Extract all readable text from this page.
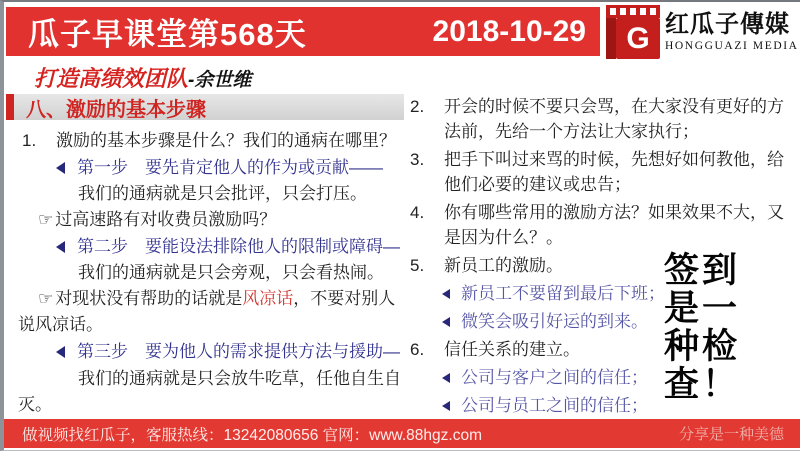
瓜子早课堂第568天	2018-10-29	G 红瓜子傳媒
HONGGUAZI MEDIA
打造高绩效团队-余世维
八、激励的基本步骤
1.	激励的基本步骤是什么？我们的通病在哪里？
第一步　要先肯定他人的作为或贡献——
我们的通病就是只会批评，只会打压。
☞ 过高速路有对收费员激励吗？
第二步　要能设法排除他人的限制或障碍—
我们的通病就是只会旁观，只会看热闹。
☞ 对现状没有帮助的话就是风凉话，不要对别人说风凉话。
第三步　要为他人的需求提供方法与援助—
我们的通病就是只会放牛吃草，任他自生自灭。
2.	开会的时候不要只会骂，在大家没有更好的方法前，先给一个方法让大家执行；
3.	把手下叫过来骂的时候，先想好如何教他，给他们必要的建议或忠告；
4.	你有哪些常用的激励方法？如果效果不大，又是因为什么？。
5.	新员工的激励。
新员工不要留到最后下班；
微笑会吸引好运的到来。
6.	信任关系的建立。
公司与客户之间的信任；
公司与员工之间的信任；
签到
是一
种检
查！
做视频找红瓜子，客服热线：13242080656 官网：www.88hgz.com	分享是一种美德
